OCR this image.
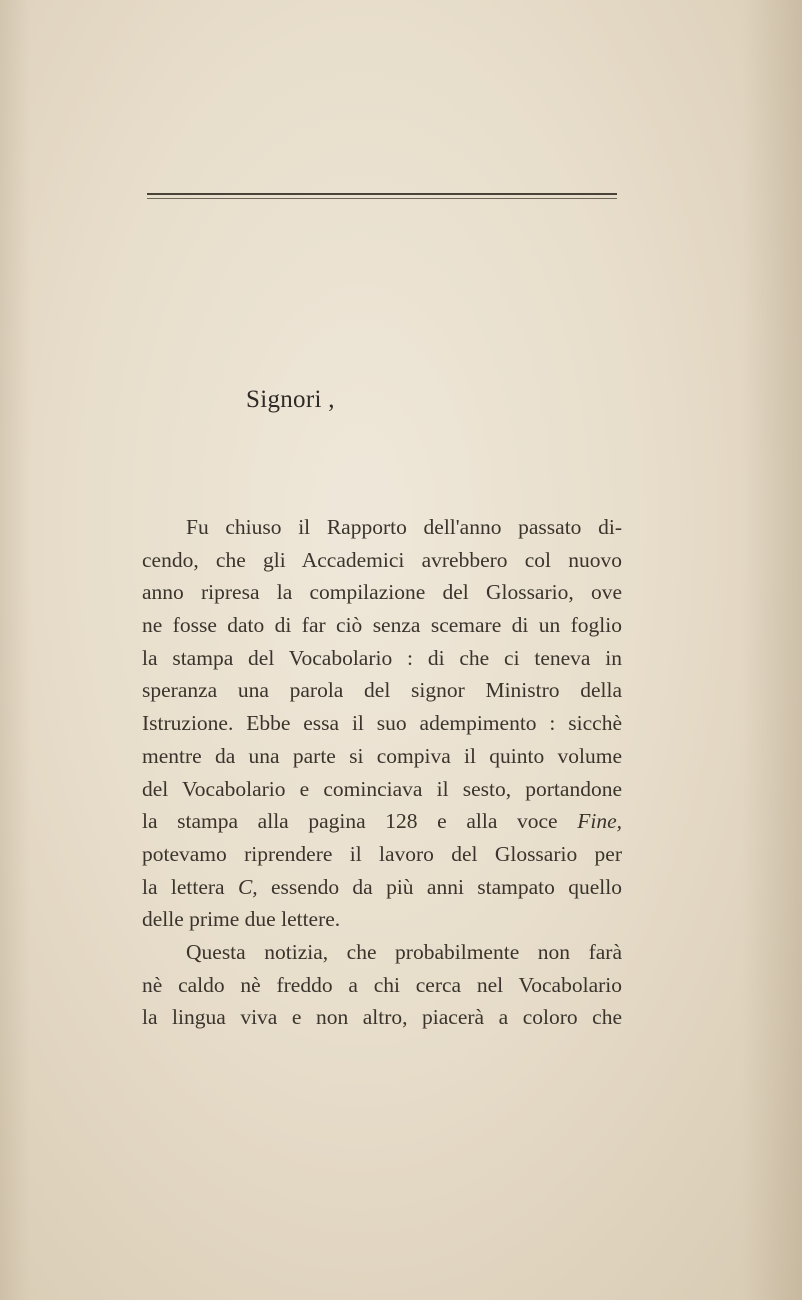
Signori ,
Fu chiuso il Rapporto dell'anno passato di-
cendo, che gli Accademici avrebbero col nuovo
anno ripresa la compilazione del Glossario, ove
ne fosse dato di far ciò senza scemare di un foglio
la stampa del Vocabolario : di che ci teneva in
speranza una parola del signor Ministro della
Istruzione. Ebbe essa il suo adempimento : sicchè
mentre da una parte si compiva il quinto volume
del Vocabolario e cominciava il sesto, portandone
la stampa alla pagina 128 e alla voce Fine,
potevamo riprendere il lavoro del Glossario per
la lettera C, essendo da più anni stampato quello
delle prime due lettere.
Questa notizia, che probabilmente non farà
nè caldo nè freddo a chi cerca nel Vocabolario
la lingua viva e non altro, piacerà a coloro che
